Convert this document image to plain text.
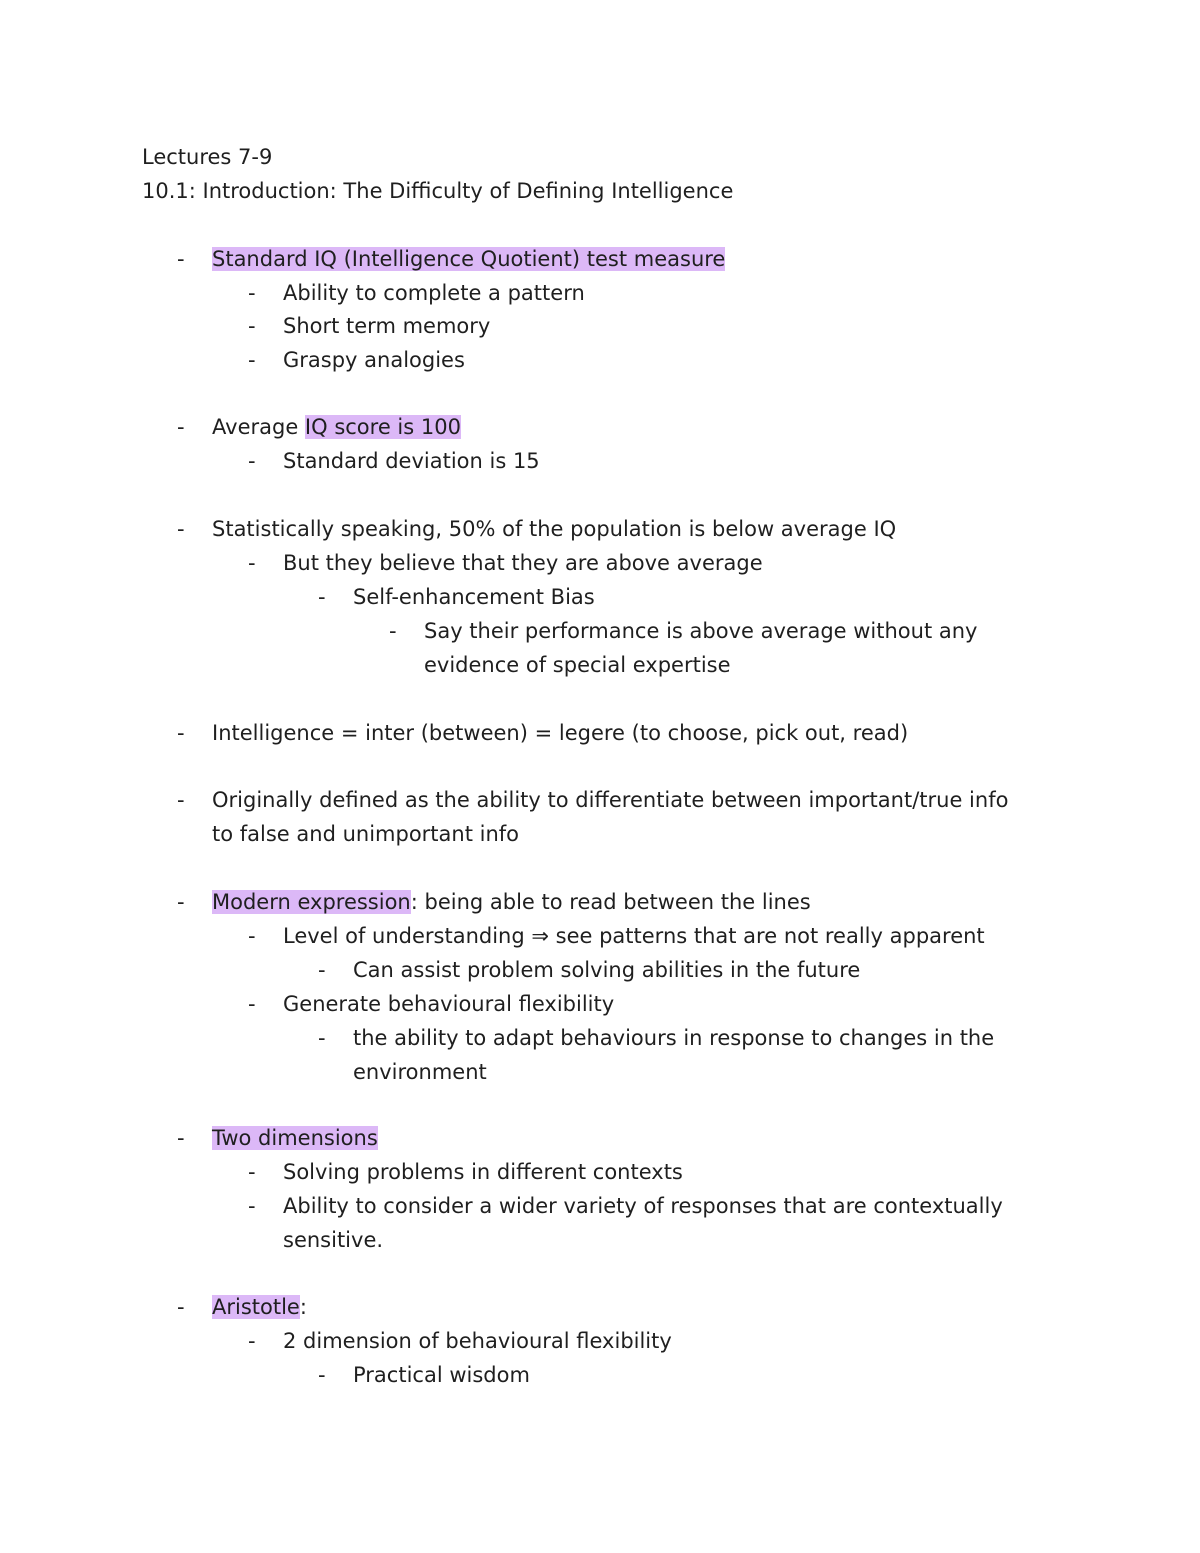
Lectures 7-9
10.1: Introduction: The Difficulty of Defining Intelligence
- Standard IQ (Intelligence Quotient) test measure
- Ability to complete a pattern
- Short term memory
- Graspy analogies
- Average IQ score is 100
- Standard deviation is 15
- Statistically speaking, 50% of the population is below average IQ
- But they believe that they are above average
- Self-enhancement Bias
- Say their performance is above average without any
evidence of special expertise
- Intelligence = inter (between) = legere (to choose, pick out, read)
- Originally defined as the ability to differentiate between important/true info
to false and unimportant info
- Modern expression: being able to read between the lines
- Level of understanding ⇒ see patterns that are not really apparent
- Can assist problem solving abilities in the future
- Generate behavioural flexibility
- the ability to adapt behaviours in response to changes in the
environment
- Two dimensions
- Solving problems in different contexts
- Ability to consider a wider variety of responses that are contextually
sensitive.
- Aristotle:
- 2 dimension of behavioural flexibility
- Practical wisdom
